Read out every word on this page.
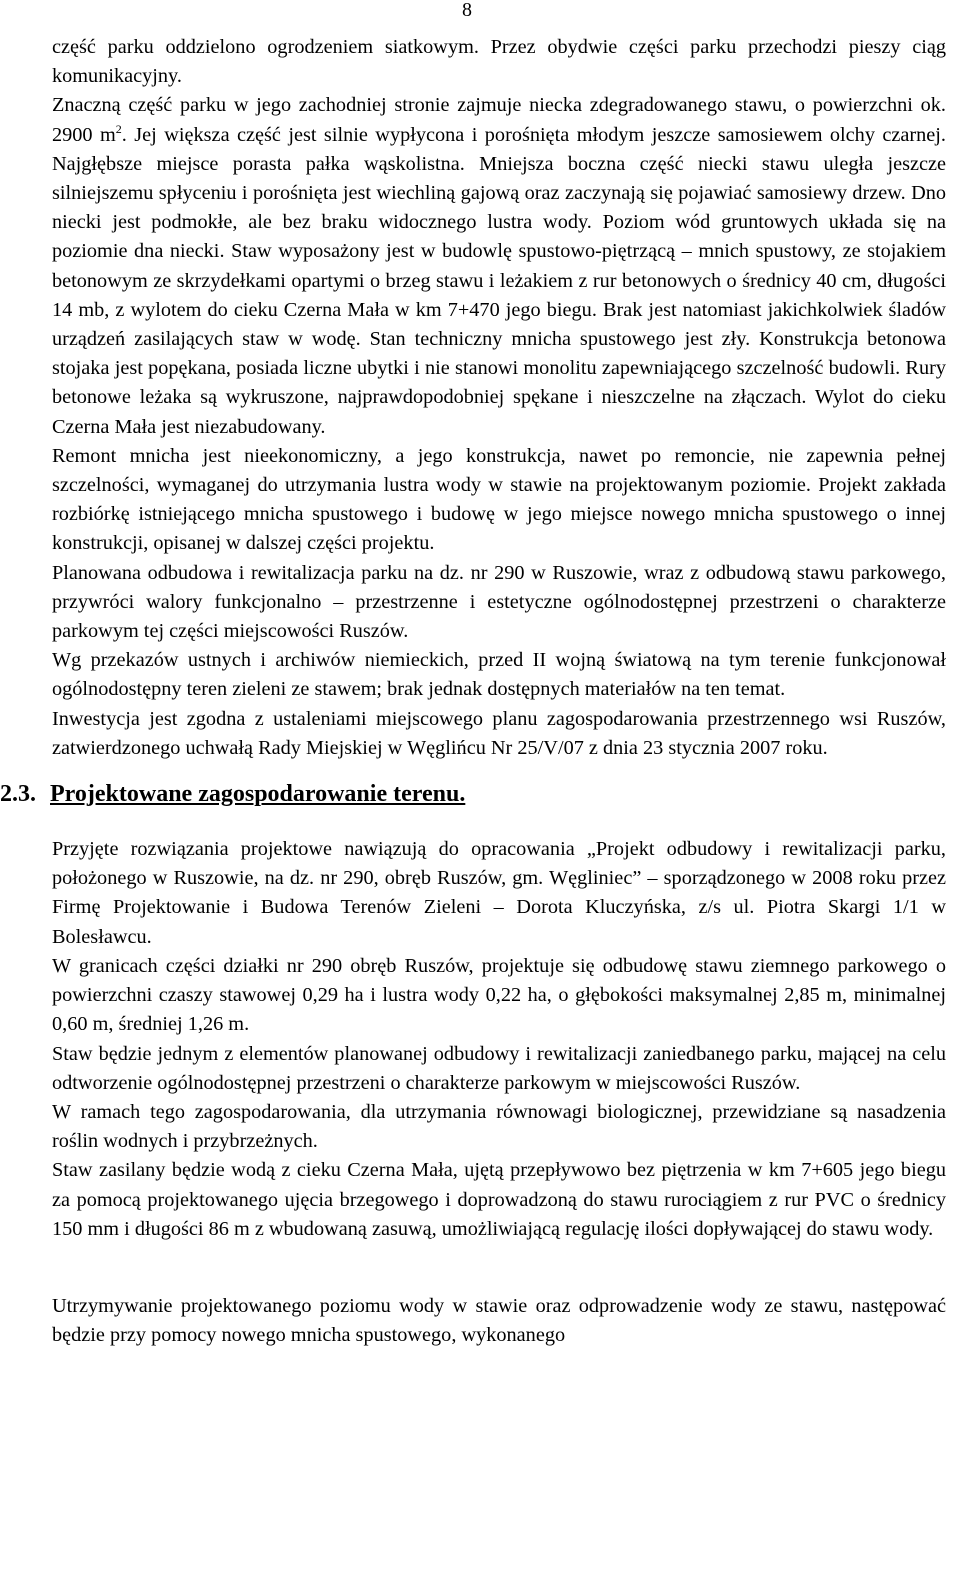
8

część parku oddzielono ogrodzeniem siatkowym. Przez obydwie części parku przechodzi pieszy ciąg komunikacyjny.

Znaczną część parku w jego zachodniej stronie zajmuje niecka zdegradowanego stawu, o powierzchni ok. 2900 $m^2$. Jej większa część jest silnie wypłycona i porośnięta młodym jeszcze samosiewem olchy czarnej. Najgłębsze miejsce porasta pałka wąskolistna. Mniejsza boczna część niecki stawu uległa jeszcze silniejszemu spłyceniu i porośnięta jest wiechliną gajową oraz zaczynają się pojawiać samosiewy drzew. Dno niecki jest podmokłe, ale bez braku widocznego lustra wody. Poziom wód gruntowych układa się na poziomie dna niecki. Staw wyposażony jest w budowlę spustowo-piętrzącą – mnich spustowy, ze stojakiem betonowym ze skrzydełkami opartymi o brzeg stawu i leżakiem z rur betonowych o średnicy 40 cm, długości 14 mb, z wylotem do cieku Czerna Mała w km 7+470 jego biegu. Brak jest natomiast jakichkolwiek śladów urządzeń zasilających staw w wodę. Stan techniczny mnicha spustowego jest zły. Konstrukcja betonowa stojaka jest popękana, posiada liczne ubytki i nie stanowi monolitu zapewniającego szczelność budowli. Rury betonowe leżaka są wykruszone, najprawdopodobniej spękane i nieszczelne na złączach. Wylot do cieku Czerna Mała jest niezabudowany.

Remont mnicha jest nieekonomiczny, a jego konstrukcja, nawet po remoncie, nie zapewnia pełnej szczelności, wymaganej do utrzymania lustra wody w stawie na projektowanym poziomie. Projekt zakłada rozbiórkę istniejącego mnicha spustowego i budowę w jego miejsce nowego mnicha spustowego o innej konstrukcji, opisanej w dalszej części projektu.

Planowana odbudowa i rewitalizacja parku na dz. nr 290 w Ruszowie, wraz z odbudową stawu parkowego, przywróci walory funkcjonalno – przestrzenne i estetyczne ogólnodostępnej przestrzeni o charakterze parkowym tej części miejscowości Ruszów.

Wg przekazów ustnych i archiwów niemieckich, przed II wojną światową na tym terenie funkcjonował ogólnodostępny teren zieleni ze stawem; brak jednak dostępnych materiałów na ten temat.

Inwestycja jest zgodna z ustaleniami miejscowego planu zagospodarowania przestrzennego wsi Ruszów, zatwierdzonego uchwałą Rady Miejskiej w Węglińcu Nr 25/V/07 z dnia 23 stycznia 2007 roku.

2.3. Projektowane zagospodarowanie terenu.

Przyjęte rozwiązania projektowe nawiązują do opracowania „Projekt odbudowy i rewitalizacji parku, położonego w Ruszowie, na dz. nr 290, obręb Ruszów, gm. Węgliniec” – sporządzonego w 2008 roku przez Firmę Projektowanie i Budowa Terenów Zieleni – Dorota Kluczyńska, z/s ul. Piotra Skargi 1/1 w Bolesławcu.

W granicach części działki nr 290 obręb Ruszów, projektuje się odbudowę stawu ziemnego parkowego o powierzchni czaszy stawowej 0,29 ha i lustra wody 0,22 ha, o głębokości maksymalnej 2,85 m, minimalnej 0,60 m, średniej 1,26 m.

Staw będzie jednym z elementów planowanej odbudowy i rewitalizacji zaniedbanego parku, mającej na celu odtworzenie ogólnodostępnej przestrzeni o charakterze parkowym w miejscowości Ruszów.

W ramach tego zagospodarowania, dla utrzymania równowagi biologicznej, przewidziane są nasadzenia roślin wodnych i przybrzeżnych.

Staw zasilany będzie wodą z cieku Czerna Mała, ujętą przepływowo bez piętrzenia w km 7+605 jego biegu za pomocą projektowanego ujęcia brzegowego i doprowadzoną do stawu rurociągiem z rur PVC o średnicy 150 mm i długości 86 m z wbudowaną zasuwą, umożliwiającą regulację ilości dopływającej do stawu wody.

Utrzymywanie projektowanego poziomu wody w stawie oraz odprowadzenie wody ze stawu, następować będzie przy pomocy nowego mnicha spustowego, wykonanego
